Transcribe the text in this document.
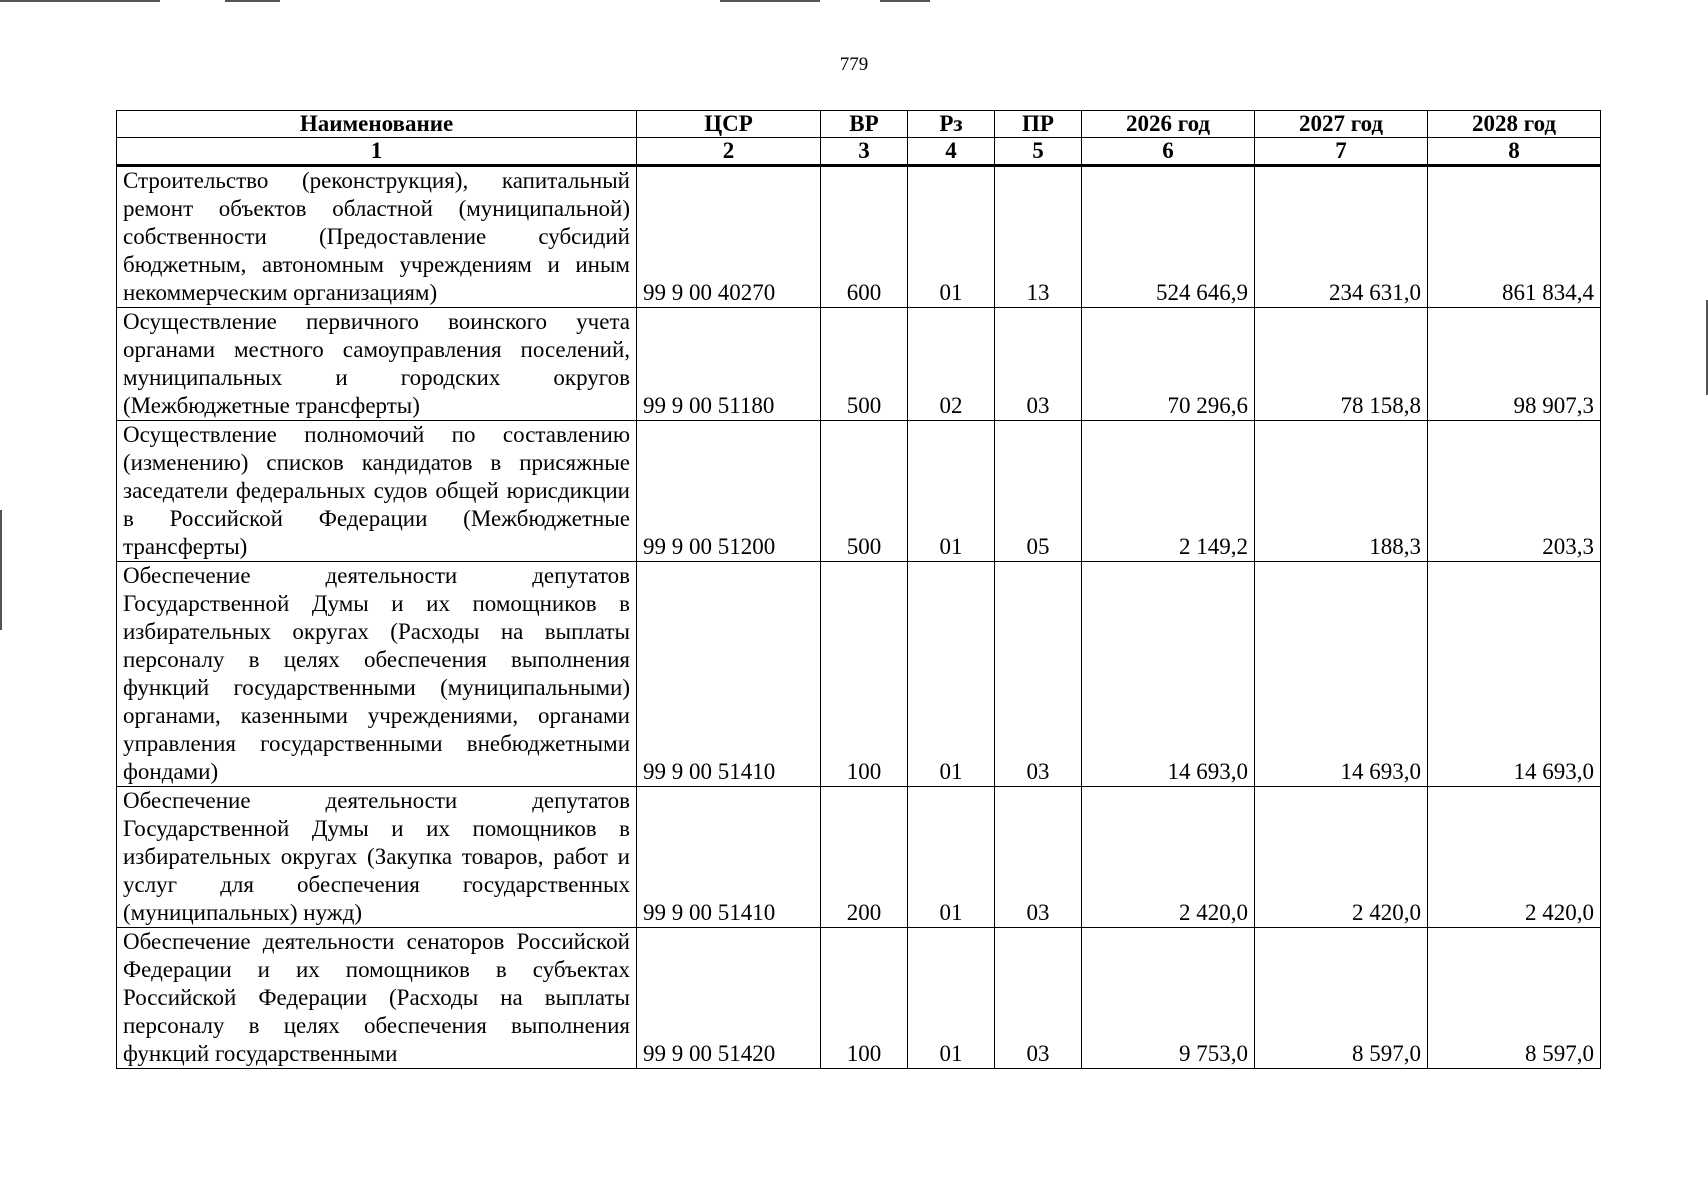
779
Наименование	ЦСР	ВР	Рз	ПР	2026 год	2027 год	2028 год
1	2	3	4	5	6	7	8
Строительство (реконструкция), капитальный ремонт объектов областной (муниципальной) собственности (Предоставление субсидий бюджетным, автономным учреждениям и иным некоммерческим организациям)	99 9 00 40270	600	01	13	524 646,9	234 631,0	861 834,4
Осуществление первичного воинского учета органами местного самоуправления поселений, муниципальных и городских округов (Межбюджетные трансферты)	99 9 00 51180	500	02	03	70 296,6	78 158,8	98 907,3
Осуществление полномочий по составлению (изменению) списков кандидатов в присяжные заседатели федеральных судов общей юрисдикции в Российской Федерации (Межбюджетные трансферты)	99 9 00 51200	500	01	05	2 149,2	188,3	203,3
Обеспечение деятельности депутатов Государственной Думы и их помощников в избирательных округах (Расходы на выплаты персоналу в целях обеспечения выполнения функций государственными (муниципальными) органами, казенными учреждениями, органами управления государственными внебюджетными фондами)	99 9 00 51410	100	01	03	14 693,0	14 693,0	14 693,0
Обеспечение деятельности депутатов Государственной Думы и их помощников в избирательных округах (Закупка товаров, работ и услуг для обеспечения государственных (муниципальных) нужд)	99 9 00 51410	200	01	03	2 420,0	2 420,0	2 420,0
Обеспечение деятельности сенаторов Российской Федерации и их помощников в субъектах Российской Федерации (Расходы на выплаты персоналу в целях обеспечения выполнения функций государственными	99 9 00 51420	100	01	03	9 753,0	8 597,0	8 597,0
